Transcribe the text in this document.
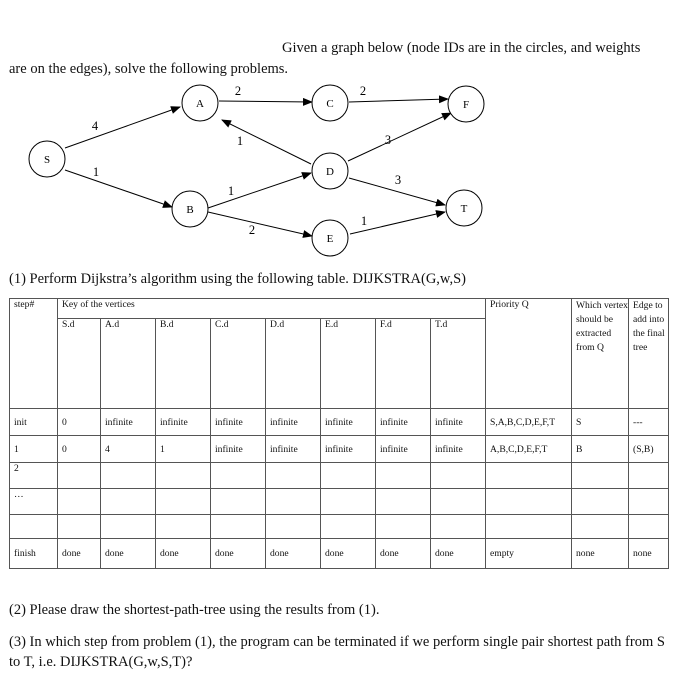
Given a graph below (node IDs are in the circles, and weights
are on the edges), solve the following problems.
4
1
2	2
1
1
2
3
3
1
S
A
B
C
D
E
F
T
(1) Perform Dijkstra’s algorithm using the following table. DIJKSTRA(G,w,S)
step#	Key of the vertices								Priority Q	Which vertex should be extracted from Q	Edge to add into the final tree
	S.d	A.d	B.d	C.d	D.d	E.d	F.d	T.d			
init	0	infinite	infinite	infinite	infinite	infinite	infinite	infinite	S,A,B,C,D,E,F,T	S	---
1	0	4	1	infinite	infinite	infinite	infinite	infinite	A,B,C,D,E,F,T	B	(S,B)
2											
…											

finish	done	done	done	done	done	done	done	done	empty	none	none
(2) Please draw the shortest-path-tree using the results from (1).
(3) In which step from problem (1), the program can be terminated if we perform single pair shortest path from S to T, i.e. DIJKSTRA(G,w,S,T)?
